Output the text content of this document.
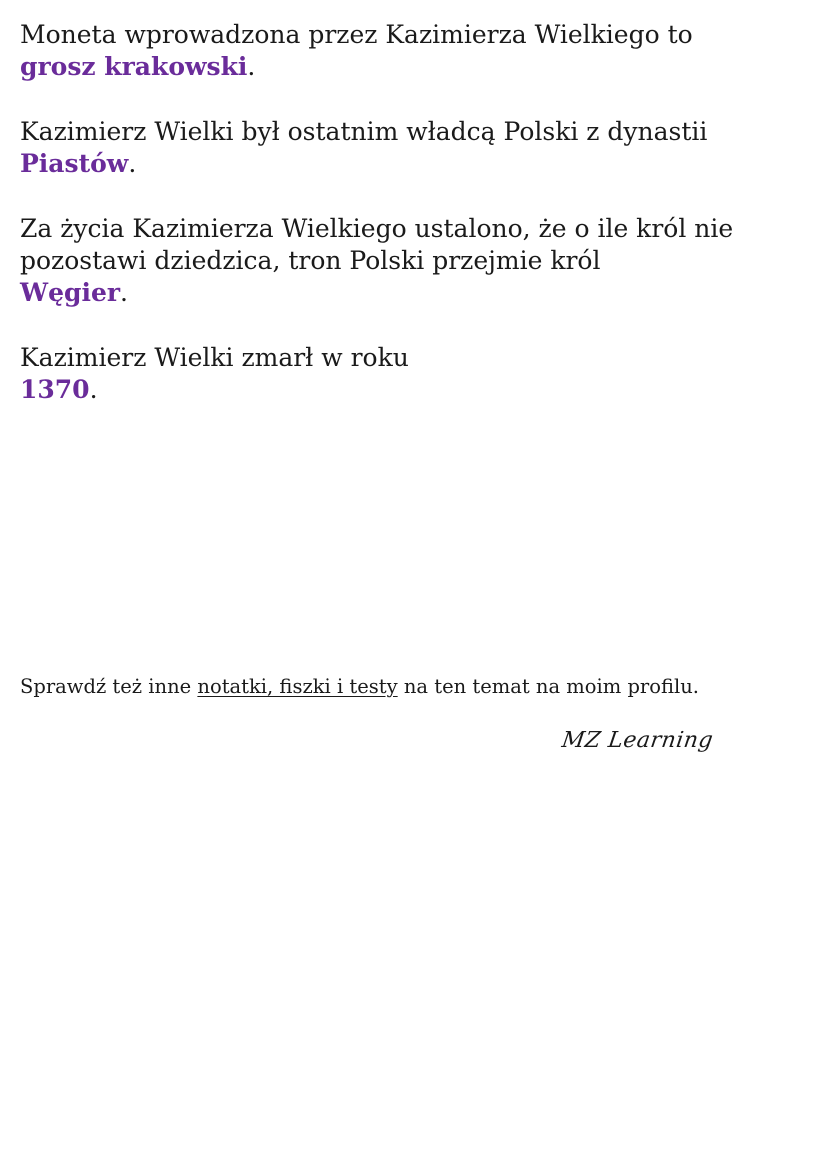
Moneta wprowadzona przez Kazimierza Wielkiego to
grosz krakowski.

Kazimierz Wielki był ostatnim władcą Polski z dynastii
Piastów.

Za życia Kazimierza Wielkiego ustalono, że o ile król nie
pozostawi dziedzica, tron Polski przejmie król
Węgier.

Kazimierz Wielki zmarł w roku
1370.

Sprawdź też inne notatki, fiszki i testy na ten temat na moim profilu.
MZ Learning
